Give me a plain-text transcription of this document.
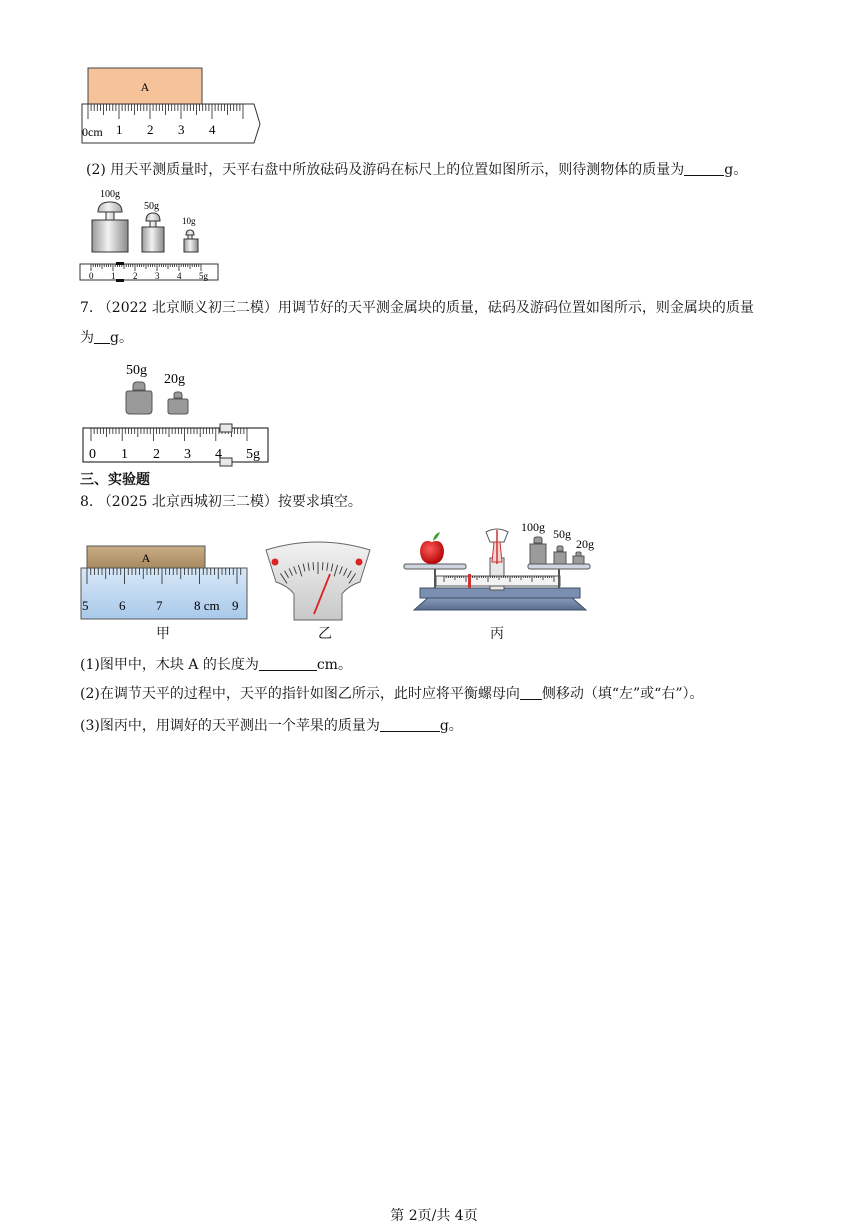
A
0cm 1 2 3 4
(2) 用天平测质量时，天平右盘中所放砝码及游码在标尺上的位置如图所示，则待测物体的质量为	g。
100g
50g
10g
0 1 2 3 4 5g
7. （2022 北京顺义初三二模）用调节好的天平测金属块的质量，砝码及游码位置如图所示，则金属块的质量
为 g。
50g
20g
0 1 2 3 4 5g
三、实验题
8. （2025 北京西城初三二模）按要求填空。
A
5 6 7 8 cm 9
甲	乙
100g 50g
20g
丙
(1)图甲中，木块 A 的长度为	cm。
(2)在调节天平的过程中，天平的指针如图乙所示，此时应将平衡螺母向 侧移动（填“左”或“右”）。
(3)图丙中，用调好的天平测出一个苹果的质量为	g。
第 2页/共 4页
